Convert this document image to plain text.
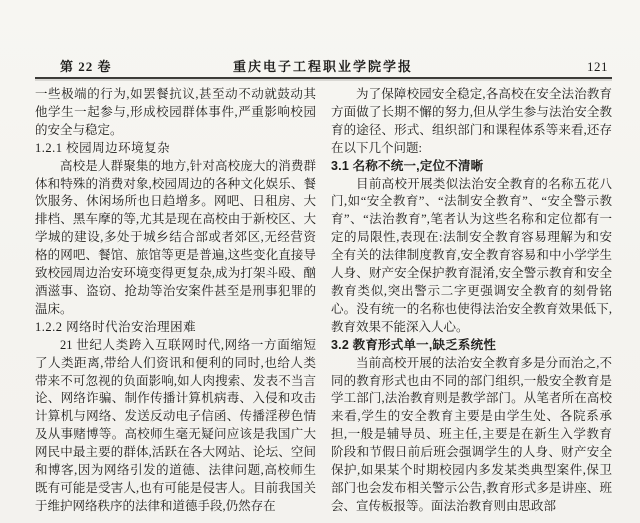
第 22 卷	重庆电子工程职业学院学报	121
一些极端的行为,如罢餐抗议,甚至动不动就鼓动其他学生一起参与,形成校园群体事件,严重影响校园的安全与稳定。
1.2.1 校园周边环境复杂
高校是人群聚集的地方,针对高校庞大的消费群体和特殊的消费对象,校园周边的各种文化娱乐、餐饮服务、休闲场所也日趋增多。网吧、日租房、大排档、黑车摩的等,尤其是现在高校由于新校区、大学城的建设,多处于城乡结合部或者郊区,无经营资格的网吧、餐馆、旅馆等更是普遍,这些变化直接导致校园周边治安环境变得更复杂,成为打架斗殴、酗酒滋事、盗窃、抢劫等治安案件甚至是刑事犯罪的温床。
1.2.2 网络时代治安治理困难
21 世纪人类跨入互联网时代,网络一方面缩短了人类距离,带给人们资讯和便利的同时,也给人类带来不可忽视的负面影响,如人肉搜索、发表不当言论、网络诈骗、制作传播计算机病毒、入侵和攻击计算机与网络、发送反动电子信函、传播淫秽色情及从事赌博等。高校师生毫无疑问应该是我国广大网民中最主要的群体,活跃在各大网站、论坛、空间和博客,因为网络引发的道德、法律问题,高校师生既有可能是受害人,也有可能是侵害人。目前我国关于维护网络秩序的法律和道德手段,仍然存在
为了保障校园安全稳定,各高校在安全法治教育方面做了长期不懈的努力,但从学生参与法治安全教育的途径、形式、组织部门和课程体系等来看,还存在以下几个问题:
3.1 名称不统一,定位不清晰
目前高校开展类似法治安全教育的名称五花八门,如“安全教育”、“法制安全教育”、“安全警示教育”、“法治教育”,笔者认为这些名称和定位都有一定的局限性,表现在:法制安全教育容易理解为和安全有关的法律制度教育,安全教育容易和中小学学生人身、财产安全保护教育混淆,安全警示教育和安全教育类似,突出警示二字更强调安全教育的刻骨铭心。没有统一的名称也使得法治安全教育效果低下,教育效果不能深入人心。
3.2 教育形式单一,缺乏系统性
当前高校开展的法治安全教育多是分而治之,不同的教育形式也由不同的部门组织,一般安全教育是学工部门,法治教育则是教学部门。从笔者所在高校来看,学生的安全教育主要是由学生处、各院系承担,一般是辅导员、班主任,主要是在新生入学教育阶段和节假日前后班会强调学生的人身、财产安全保护,如果某个时期校园内多发某类典型案件,保卫部门也会发布相关警示公告,教育形式多是讲座、班会、宣传板报等。面法治教育则由思政部
